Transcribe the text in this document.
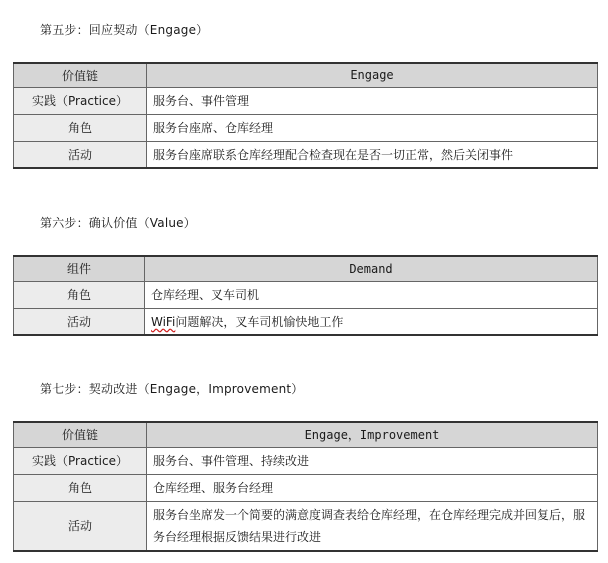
第五步：回应契动（Engage）
价值链	Engage
实践（Practice）	服务台、事件管理
角色	服务台座席、仓库经理
活动	服务台座席联系仓库经理配合检查现在是否一切正常，然后关闭事件
第六步：确认价值（Value）
组件	Demand
角色	仓库经理、叉车司机
活动	WiFi问题解决，叉车司机愉快地工作
第七步：契动改进（Engage，Improvement）
价值链	Engage，Improvement
实践（Practice）	服务台、事件管理、持续改进
角色	仓库经理、服务台经理
活动	服务台坐席发一个简要的满意度调查表给仓库经理，在仓库经理完成并回复后，服务台经理根据反馈结果进行改进
